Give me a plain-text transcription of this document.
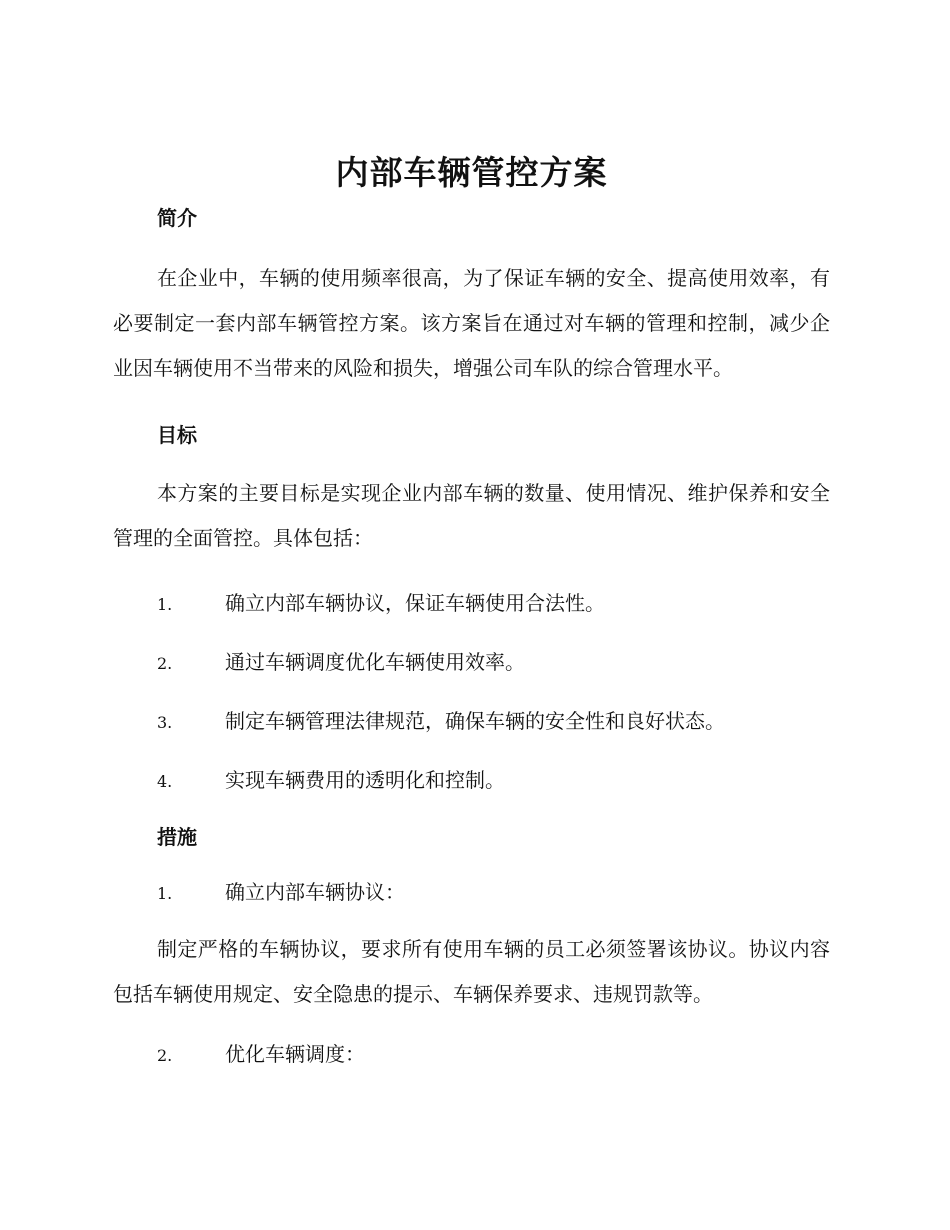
内部车辆管控方案
简介

在企业中，车辆的使用频率很高，为了保证车辆的安全、提高使用效率，有必要制定一套内部车辆管控方案。该方案旨在通过对车辆的管理和控制，减少企业因车辆使用不当带来的风险和损失，增强公司车队的综合管理水平。

目标

本方案的主要目标是实现企业内部车辆的数量、使用情况、维护保养和安全管理的全面管控。具体包括：

1.	确立内部车辆协议，保证车辆使用合法性。
2.	通过车辆调度优化车辆使用效率。
3.	制定车辆管理法律规范，确保车辆的安全性和良好状态。
4.	实现车辆费用的透明化和控制。
措施
1.	确立内部车辆协议：

制定严格的车辆协议，要求所有使用车辆的员工必须签署该协议。协议内容包括车辆使用规定、安全隐患的提示、车辆保养要求、违规罚款等。

2.	优化车辆调度：
